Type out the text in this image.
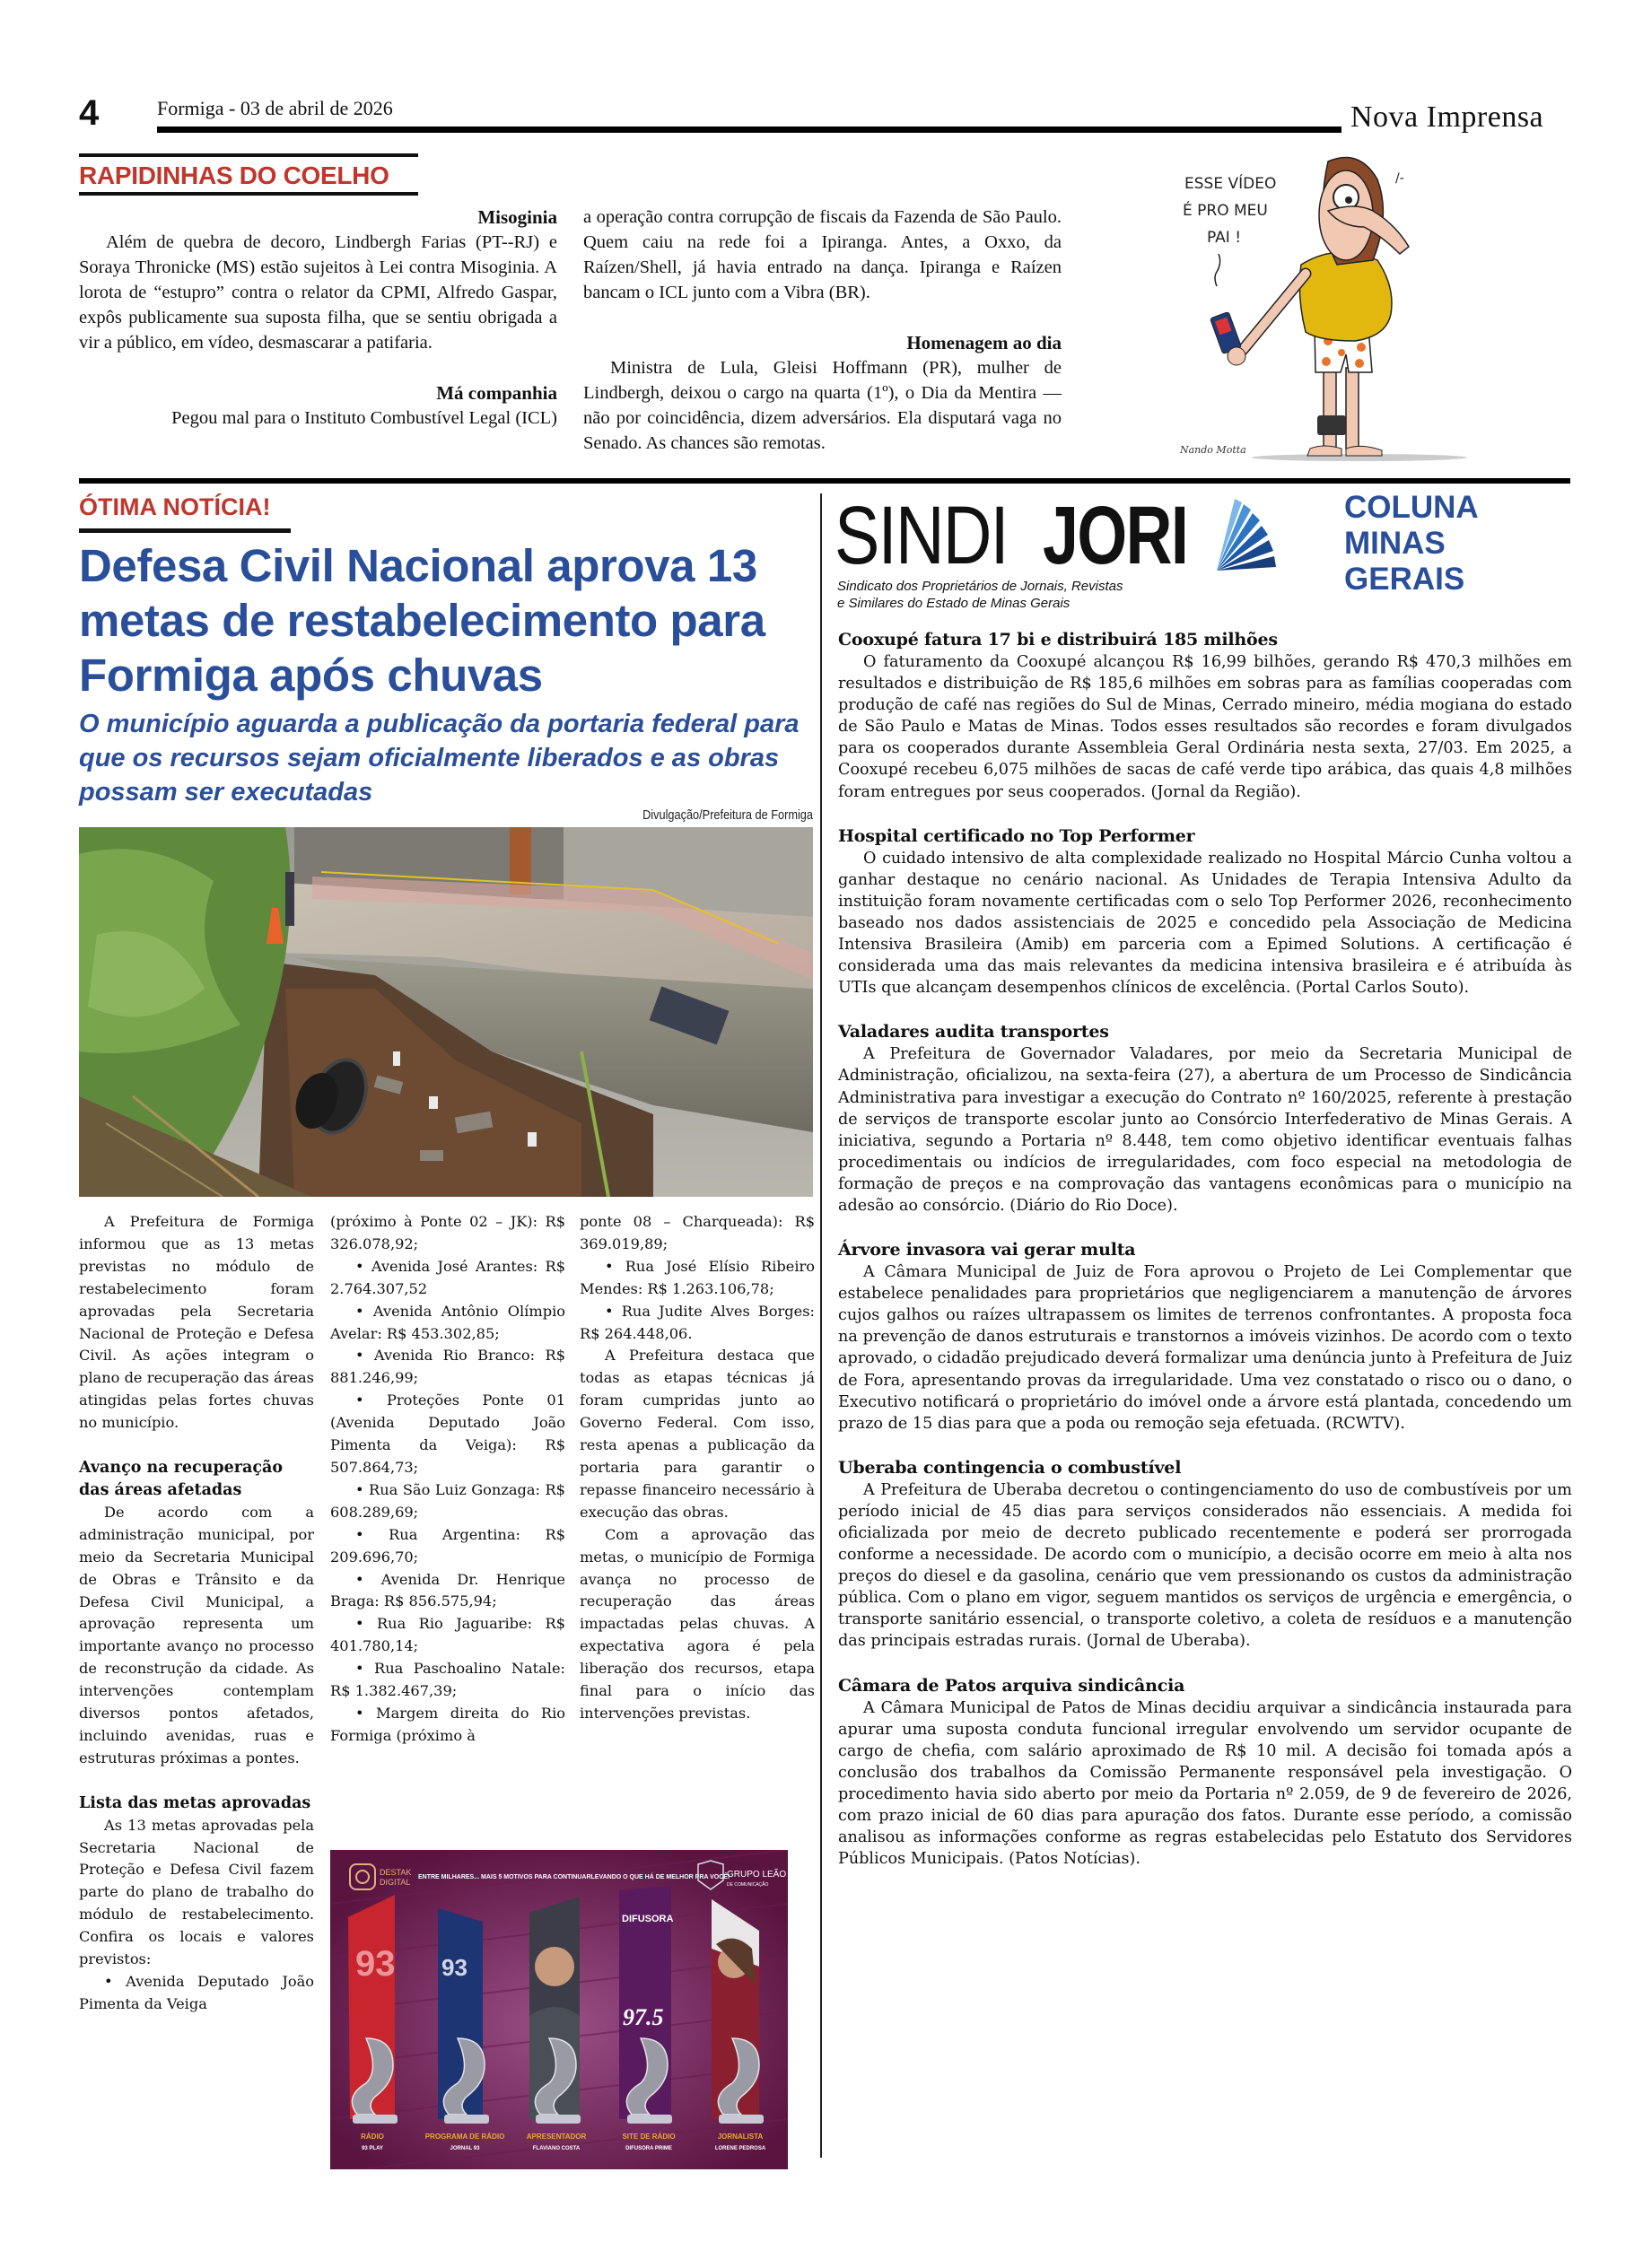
4	Formiga - 03 de abril de 2026	Nova Imprensa
RAPIDINHAS DO COELHO
Misoginia

Além de quebra de decoro, Lindbergh Farias (PT--RJ) e Soraya Thronicke (MS) estão sujeitos à Lei contra Misoginia. A lorota de “estupro” contra o relator da CPMI, Alfredo Gaspar, expôs publicamente sua suposta filha, que se sentiu obrigada a vir a público, em vídeo, desmascarar a patifaria.

Má companhia

Pegou mal para o Instituto Combustível Legal (ICL)

a operação contra corrupção de fiscais da Fazenda de São Paulo. Quem caiu na rede foi a Ipiranga. Antes, a Oxxo, da Raízen/Shell, já havia entrado na dança. Ipiranga e Raízen bancam o ICL junto com a Vibra (BR).

Homenagem ao dia

Ministra de Lula, Gleisi Hoffmann (PR), mulher de Lindbergh, deixou o cargo na quarta (1º), o Dia da Mentira — não por coincidência, dizem adversários. Ela disputará vaga no Senado. As chances são remotas.

ESSE VÍDEO
É PRO MEU
PAI !
/-
Nando Motta
ÓTIMA NOTÍCIA!
Defesa Civil Nacional aprova 13 metas de restabelecimento para Formiga após chuvas
O município aguarda a publicação da portaria federal para que os recursos sejam oficialmente liberados e as obras possam ser executadas
Divulgação/Prefeitura de Formiga

A Prefeitura de Formiga informou que as 13 metas previstas no módulo de restabelecimento foram aprovadas pela Secretaria Nacional de Proteção e Defesa Civil. As ações integram o plano de recuperação das áreas atingidas pelas fortes chuvas no município.

Avanço na recuperação das áreas afetadas

De acordo com a administração municipal, por meio da Secretaria Municipal de Obras e Trânsito e da Defesa Civil Municipal, a aprovação representa um importante avanço no processo de reconstrução da cidade. As intervenções contemplam diversos pontos afetados, incluindo avenidas, ruas e estruturas próximas a pontes.

Lista das metas aprovadas

As 13 metas aprovadas pela Secretaria Nacional de Proteção e Defesa Civil fazem parte do plano de trabalho do módulo de restabelecimento. Confira os locais e valores previstos:

• Avenida Deputado João Pimenta da Veiga

(próximo à Ponte 02 – JK): R$ 326.078,92;

• Avenida José Arantes: R$ 2.764.307,52

• Avenida Antônio Olímpio Avelar: R$ 453.302,85;

• Avenida Rio Branco: R$ 881.246,99;

• Proteções Ponte 01 (Avenida Deputado João Pimenta da Veiga): R$ 507.864,73;

• Rua São Luiz Gonzaga: R$ 608.289,69;

• Rua Argentina: R$ 209.696,70;

• Avenida Dr. Henrique Braga: R$ 856.575,94;

• Rua Rio Jaguaribe: R$ 401.780,14;

• Rua Paschoalino Natale: R$ 1.382.467,39;

• Margem direita do Rio Formiga (próximo à

ponte 08 – Charqueada): R$ 369.019,89;

• Rua José Elísio Ribeiro Mendes: R$ 1.263.106,78;

• Rua Judite Alves Borges: R$ 264.448,06.

A Prefeitura destaca que todas as etapas técnicas já foram cumpridas junto ao Governo Federal. Com isso, resta apenas a publicação da portaria para garantir o repasse financeiro necessário à execução das obras.

Com a aprovação das metas, o município de Formiga avança no processo de recuperação das áreas impactadas pelas chuvas. A expectativa agora é pela liberação dos recursos, etapa final para o início das intervenções previstas.

DESTAK
DIGITAL
ENTRE MILHARES... MAIS 5 MOTIVOS PARA CONTINUARLEVANDO O QUE HÁ DE MELHOR PRA VOCÊ!
GRUPO LEÃO
DE COMUNICAÇÃO
93 93
DIFUSORA
97.5
RÁDIO
93 PLAY
PROGRAMA DE RÁDIO
JORNAL 93
APRESENTADOR
FLAVIANO COSTA
SITE DE RÁDIO
DIFUSORA PRIME
JORNALISTA
LORENE PEDROSA
SINDI JORI
Sindicato dos Proprietários de Jornais, Revistas
e Similares do Estado de Minas Gerais
COLUNA
MINAS
GERAIS
Cooxupé fatura 17 bi e distribuirá 185 milhões

O faturamento da Cooxupé alcançou R$ 16,99 bilhões, gerando R$ 470,3 milhões em resultados e distribuição de R$ 185,6 milhões em sobras para as famílias cooperadas com produção de café nas regiões do Sul de Minas, Cerrado mineiro, média mogiana do estado de São Paulo e Matas de Minas. Todos esses resultados são recordes e foram divulgados para os cooperados durante Assembleia Geral Ordinária nesta sexta, 27/03. Em 2025, a Cooxupé recebeu 6,075 milhões de sacas de café verde tipo arábica, das quais 4,8 milhões foram entregues por seus cooperados. (Jornal da Região).

Hospital certificado no Top Performer

O cuidado intensivo de alta complexidade realizado no Hospital Márcio Cunha voltou a ganhar destaque no cenário nacional. As Unidades de Terapia Intensiva Adulto da instituição foram novamente certificadas com o selo Top Performer 2026, reconhecimento baseado nos dados assistenciais de 2025 e concedido pela Associação de Medicina Intensiva Brasileira (Amib) em parceria com a Epimed Solutions. A certificação é considerada uma das mais relevantes da medicina intensiva brasileira e é atribuída às UTIs que alcançam desempenhos clínicos de excelência. (Portal Carlos Souto).

Valadares audita transportes

A Prefeitura de Governador Valadares, por meio da Secretaria Municipal de Administração, oficializou, na sexta-feira (27), a abertura de um Processo de Sindicância Administrativa para investigar a execução do Contrato nº 160/2025, referente à prestação de serviços de transporte escolar junto ao Consórcio Interfederativo de Minas Gerais. A iniciativa, segundo a Portaria nº 8.448, tem como objetivo identificar eventuais falhas procedimentais ou indícios de irregularidades, com foco especial na metodologia de formação de preços e na comprovação das vantagens econômicas para o município na adesão ao consórcio. (Diário do Rio Doce).

Árvore invasora vai gerar multa

A Câmara Municipal de Juiz de Fora aprovou o Projeto de Lei Complementar que estabelece penalidades para proprietários que negligenciarem a manutenção de árvores cujos galhos ou raízes ultrapassem os limites de terrenos confrontantes. A proposta foca na prevenção de danos estruturais e transtornos a imóveis vizinhos. De acordo com o texto aprovado, o cidadão prejudicado deverá formalizar uma denúncia junto à Prefeitura de Juiz de Fora, apresentando provas da irregularidade. Uma vez constatado o risco ou o dano, o Executivo notificará o proprietário do imóvel onde a árvore está plantada, concedendo um prazo de 15 dias para que a poda ou remoção seja efetuada. (RCWTV).

Uberaba contingencia o combustível

A Prefeitura de Uberaba decretou o contingenciamento do uso de combustíveis por um período inicial de 45 dias para serviços considerados não essenciais. A medida foi oficializada por meio de decreto publicado recentemente e poderá ser prorrogada conforme a necessidade. De acordo com o município, a decisão ocorre em meio à alta nos preços do diesel e da gasolina, cenário que vem pressionando os custos da administração pública. Com o plano em vigor, seguem mantidos os serviços de urgência e emergência, o transporte sanitário essencial, o transporte coletivo, a coleta de resíduos e a manutenção das principais estradas rurais. (Jornal de Uberaba).

Câmara de Patos arquiva sindicância

A Câmara Municipal de Patos de Minas decidiu arquivar a sindicância instaurada para apurar uma suposta conduta funcional irregular envolvendo um servidor ocupante de cargo de chefia, com salário aproximado de R$ 10 mil. A decisão foi tomada após a conclusão dos trabalhos da Comissão Permanente responsável pela investigação. O procedimento havia sido aberto por meio da Portaria nº 2.059, de 9 de fevereiro de 2026, com prazo inicial de 60 dias para apuração dos fatos. Durante esse período, a comissão analisou as informações conforme as regras estabelecidas pelo Estatuto dos Servidores Públicos Municipais. (Patos Notícias).
